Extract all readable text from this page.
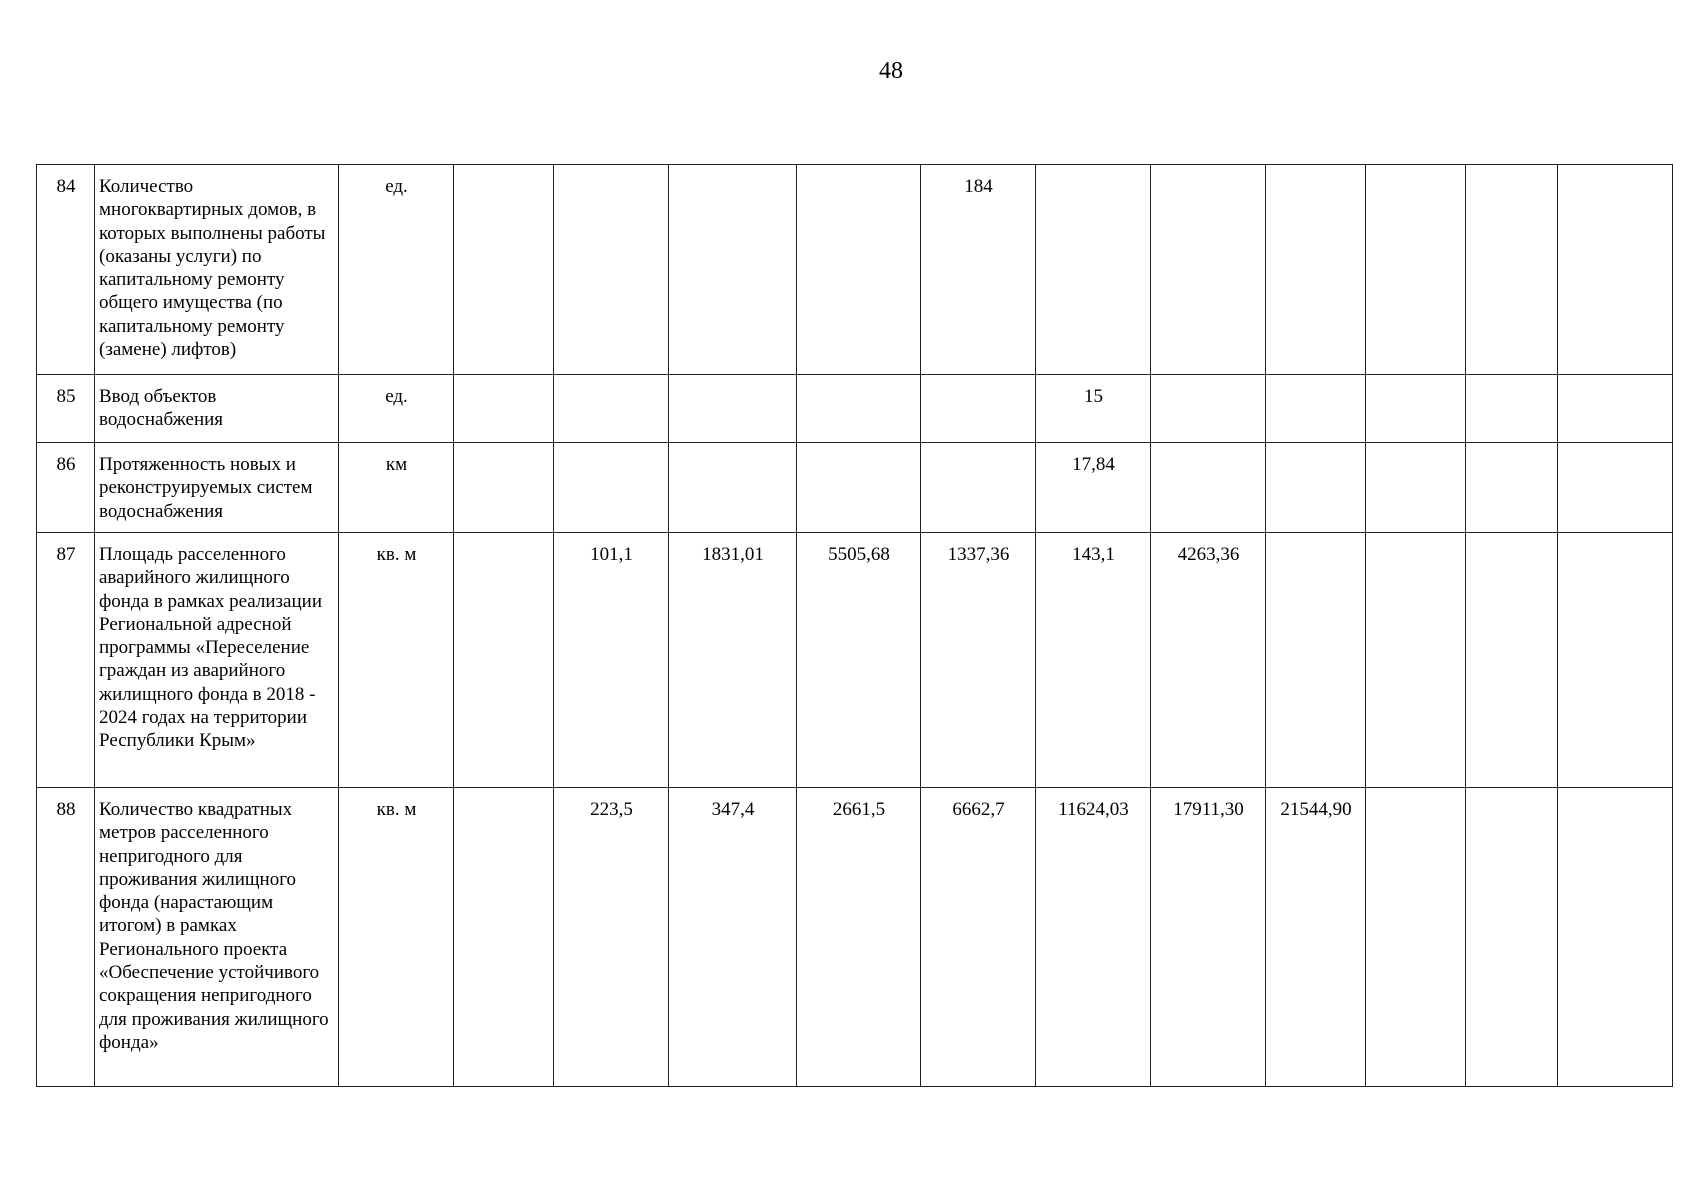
48
84	Количество многоквартирных домов, в которых выполнены работы (оказаны услуги) по капитальному ремонту общего имущества (по капитальному ремонту (замене) лифтов)	ед.					184						
85	Ввод объектов водоснабжения	ед.						15					
86	Протяженность новых и реконструируемых систем водоснабжения	км						17,84					
87	Площадь расселенного аварийного жилищного фонда в рамках реализации Региональной адресной программы «Переселение граждан из аварийного жилищного фонда в 2018 - 2024 годах на территории Республики Крым»	кв. м		101,1	1831,01	5505,68	1337,36	143,1	4263,36				
88	Количество квадратных метров расселенного непригодного для проживания жилищного фонда (нарастающим итогом) в рамках Регионального проекта «Обеспечение устойчивого сокращения непригодного для проживания жилищного фонда»	кв. м		223,5	347,4	2661,5	6662,7	11624,03	17911,30	21544,90			
